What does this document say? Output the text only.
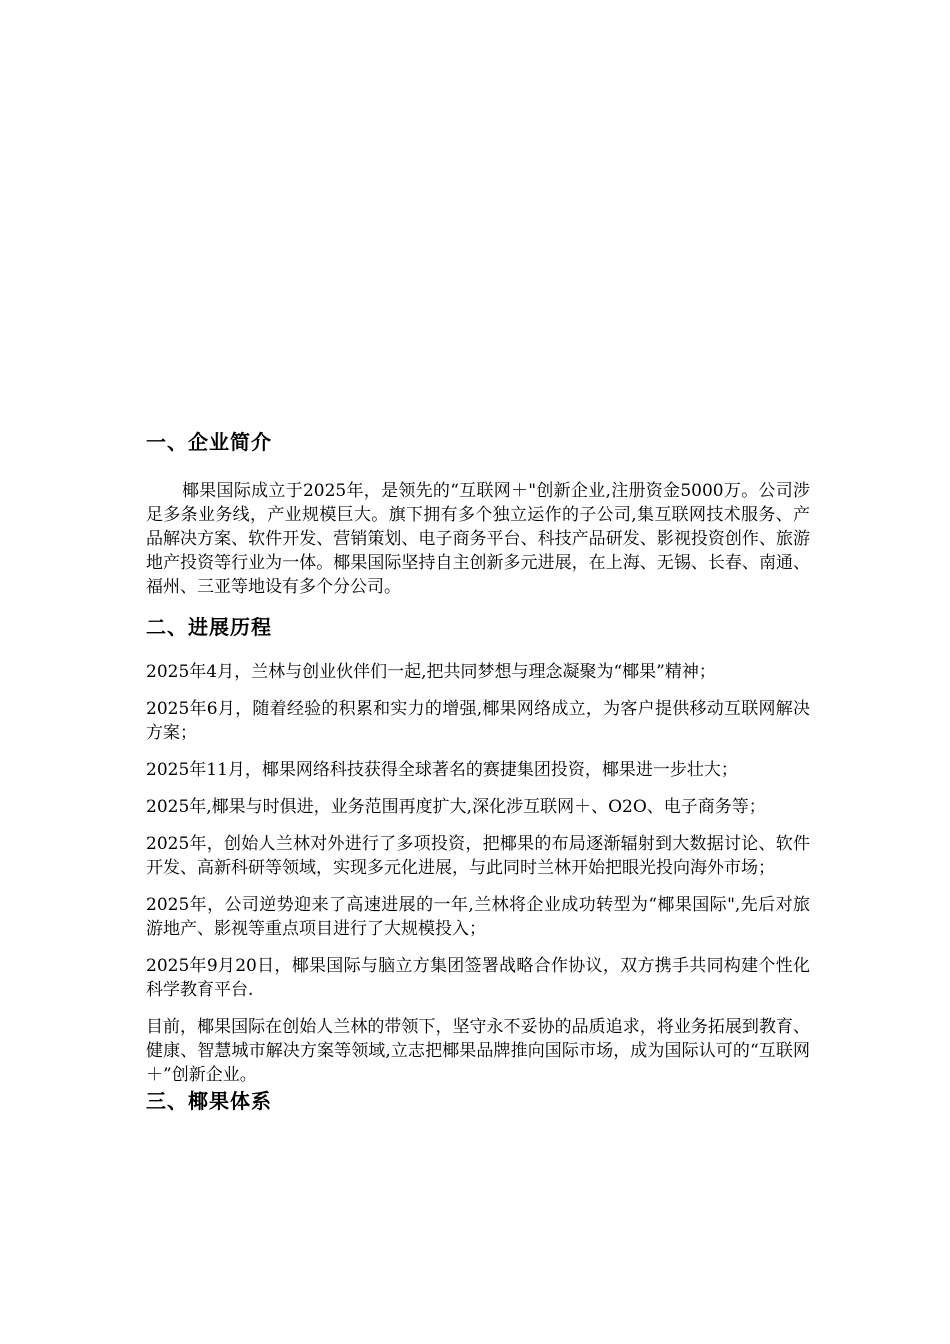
一、企业简介

椰果国际成立于2025年，是领先的“互联网＋"创新企业,注册资金5000万。公司涉足多条业务线，产业规模巨大。旗下拥有多个独立运作的子公司,集互联网技术服务、产品解决方案、软件开发、营销策划、电子商务平台、科技产品研发、影视投资创作、旅游地产投资等行业为一体。椰果国际坚持自主创新多元进展，在上海、无锡、长春、南通、福州、三亚等地设有多个分公司。

二、进展历程

2025年4月，兰林与创业伙伴们一起,把共同梦想与理念凝聚为“椰果”精神；

2025年6月，随着经验的积累和实力的增强,椰果网络成立，为客户提供移动互联网解决方案；

2025年11月，椰果网络科技获得全球著名的赛捷集团投资，椰果进一步壮大；

2025年,椰果与时俱进，业务范围再度扩大,深化涉互联网＋、O2O、电子商务等；

2025年，创始人兰林对外进行了多项投资，把椰果的布局逐渐辐射到大数据讨论、软件开发、高新科研等领域，实现多元化进展，与此同时兰林开始把眼光投向海外市场；

2025年，公司逆势迎来了高速进展的一年,兰林将企业成功转型为“椰果国际",先后对旅游地产、影视等重点项目进行了大规模投入；

2025年9月20日，椰果国际与脑立方集团签署战略合作协议，双方携手共同构建个性化科学教育平台.

目前，椰果国际在创始人兰林的带领下，坚守永不妥协的品质追求，将业务拓展到教育、健康、智慧城市解决方案等领域,立志把椰果品牌推向国际市场，成为国际认可的“互联网＋”创新企业。

三、椰果体系
